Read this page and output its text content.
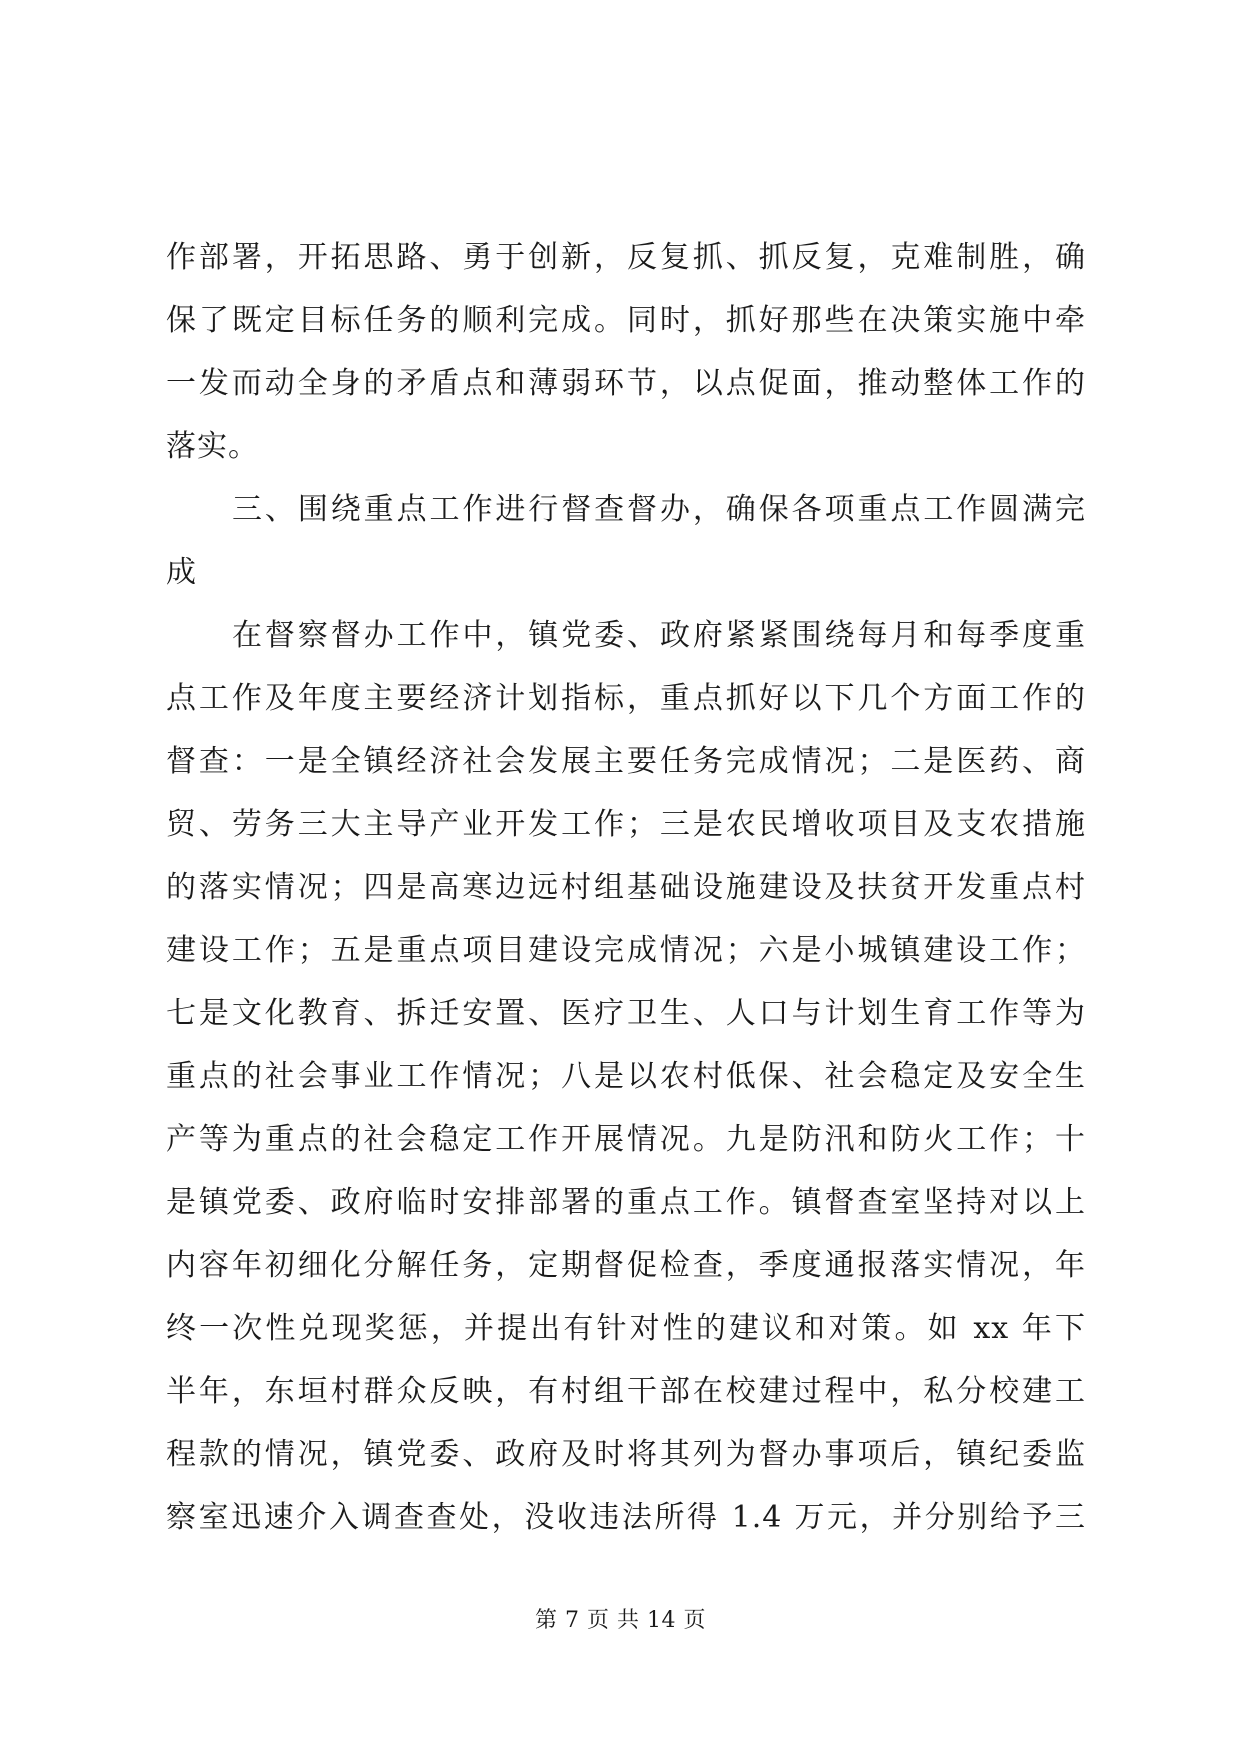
作部署，开拓思路、勇于创新，反复抓、抓反复，克难制胜，确
保了既定目标任务的顺利完成。同时，抓好那些在决策实施中牵
一发而动全身的矛盾点和薄弱环节，以点促面，推动整体工作的
落实。
三、围绕重点工作进行督查督办，确保各项重点工作圆满完
成
在督察督办工作中，镇党委、政府紧紧围绕每月和每季度重
点工作及年度主要经济计划指标，重点抓好以下几个方面工作的
督查：一是全镇经济社会发展主要任务完成情况；二是医药、商
贸、劳务三大主导产业开发工作；三是农民增收项目及支农措施
的落实情况；四是高寒边远村组基础设施建设及扶贫开发重点村
建设工作；五是重点项目建设完成情况；六是小城镇建设工作；
七是文化教育、拆迁安置、医疗卫生、人口与计划生育工作等为
重点的社会事业工作情况；八是以农村低保、社会稳定及安全生
产等为重点的社会稳定工作开展情况。九是防汛和防火工作；十
是镇党委、政府临时安排部署的重点工作。镇督查室坚持对以上
内容年初细化分解任务，定期督促检查，季度通报落实情况，年
终一次性兑现奖惩，并提出有针对性的建议和对策。如 xx 年下
半年，东垣村群众反映，有村组干部在校建过程中，私分校建工
程款的情况，镇党委、政府及时将其列为督办事项后，镇纪委监
察室迅速介入调查查处，没收违法所得 1.4 万元，并分别给予三
第 7 页 共 14 页
